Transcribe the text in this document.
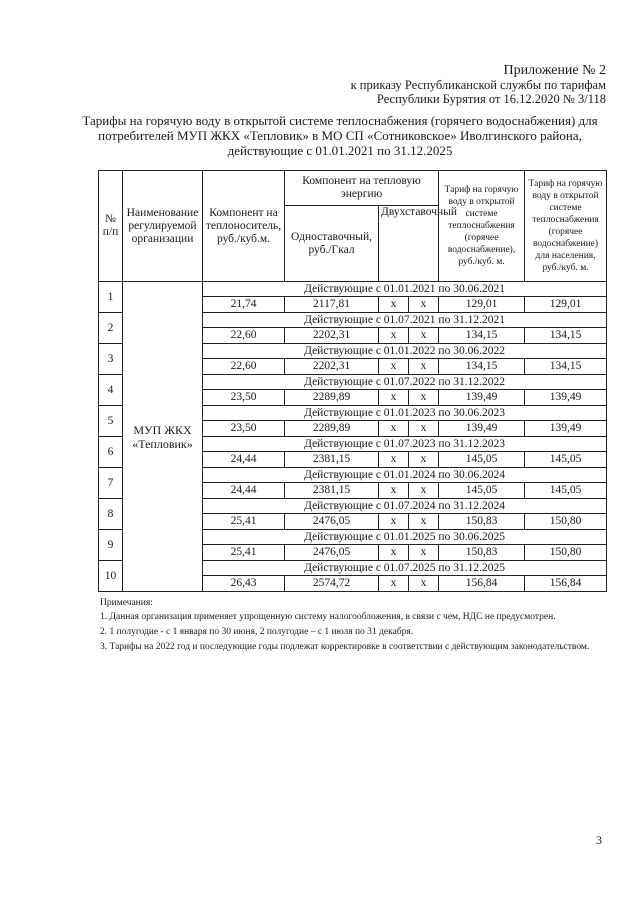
Приложение № 2
к приказу Республиканской службы по тарифам
Республики Бурятия от 16.12.2020 № 3/118
Тарифы на горячую воду в открытой системе теплоснабжения (горячего водоснабжения) для
потребителей МУП ЖКХ «Тепловик» в МО СП «Сотниковское» Иволгинского района,
действующие с 01.01.2021 по 31.12.2025
№ п/п	Наименование регулируемой организации	Компонент на теплоноситель, руб./куб.м.	Компонент на тепловую энергию			Тариф на горячую воду в открытой системе теплоснабжения (горячее водоснабжение), руб./куб. м.	Тариф на горячую воду в открытой системе теплоснабжения (горячее водоснабжение) для населения, руб./куб. м.
			Одноставочный, руб./Гкал	Двухставочный			
1	МУП ЖКХ «Тепловик»	Действующие с 01.01.2021 по 30.06.2021					
		21,74	2117,81	x	x	129,01	129,01
2		Действующие с 01.07.2021 по 31.12.2021					
		22,60	2202,31	x	x	134,15	134,15
3		Действующие с 01.01.2022 по 30.06.2022					
		22,60	2202,31	x	x	134,15	134,15
4		Действующие с 01.07.2022 по 31.12.2022					
		23,50	2289,89	x	x	139,49	139,49
5		Действующие с 01.01.2023 по 30.06.2023					
		23,50	2289,89	x	x	139,49	139,49
6		Действующие с 01.07.2023 по 31.12.2023					
		24,44	2381,15	x	x	145,05	145,05
7		Действующие с 01.01.2024 по 30.06.2024					
		24,44	2381,15	x	x	145,05	145,05
8		Действующие с 01.07.2024 по 31.12.2024					
		25,41	2476,05	x	x	150,83	150,80
9		Действующие с 01.01.2025 по 30.06.2025					
		25,41	2476,05	x	x	150,83	150,80
10		Действующие с 01.07.2025 по 31.12.2025					
		26,43	2574,72	x	x	156,84	156,84
Примечания:
1. Данная организация применяет упрощенную систему налогообложения, в связи с чем, НДС не предусмотрен.
2. 1 полугодие - с 1 января по 30 июня, 2 полугодие – с 1 июля по 31 декабря.
3. Тарифы на 2022 год и последующие годы подлежат корректировке в соответствии с действующим законодательством.
3
